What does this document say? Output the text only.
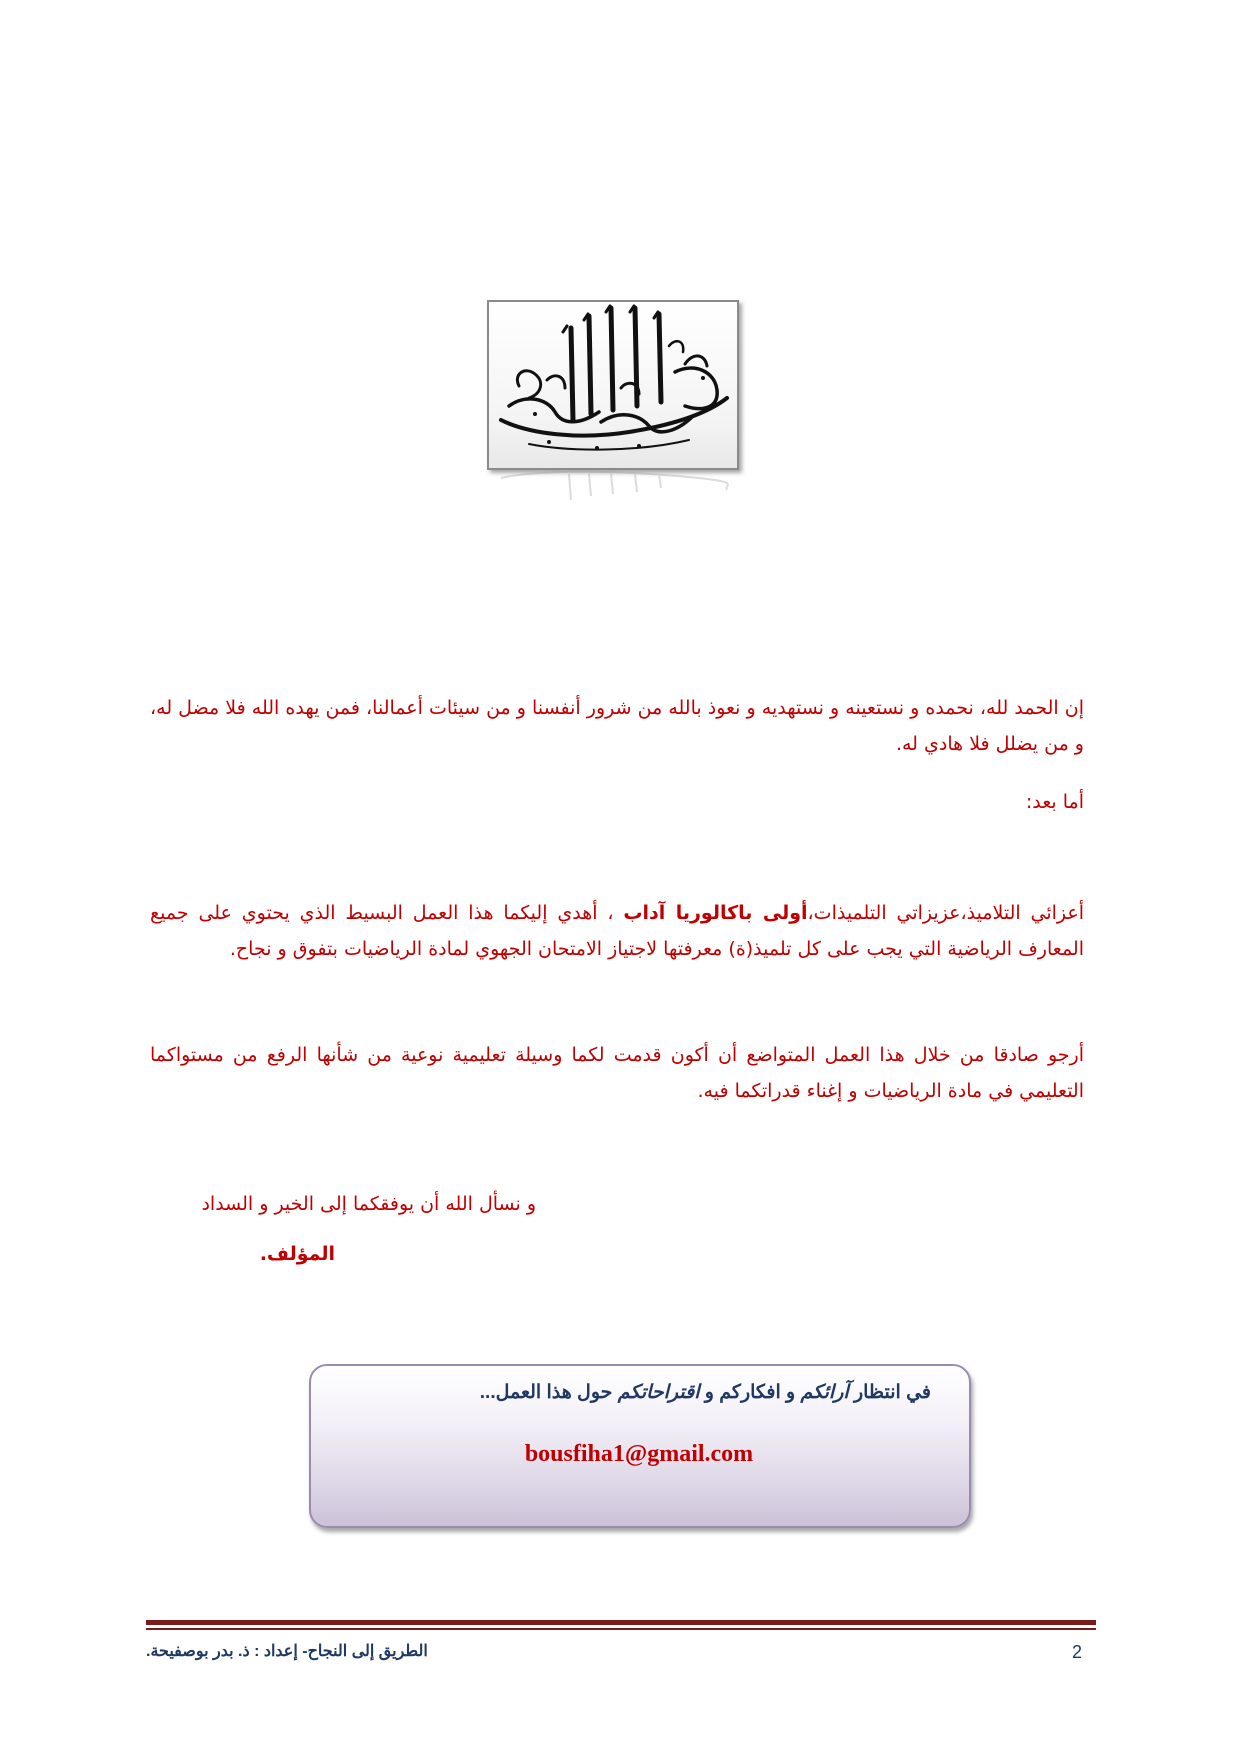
إن الحمد لله، نحمده و نستعينه و نستهديه و نعوذ بالله من شرور أنفسنا و من سيئات أعمالنا، فمن يهده الله فلا مضل له، و من يضلل فلا هادي له.
أما بعد:
أعزائي التلاميذ،عزيزاتي التلميذات،أولى باكالوريا آداب ، أهدي إليكما هذا العمل البسيط الذي يحتوي على جميع المعارف الرياضية التي يجب على كل تلميذ(ة) معرفتها لاجتياز الامتحان الجهوي لمادة الرياضيات بتفوق و نجاح.
أرجو صادقا من خلال هذا العمل المتواضع أن أكون قدمت لكما وسيلة تعليمية نوعية من شأنها الرفع من مستواكما التعليمي في مادة الرياضيات و إغناء قدراتكما فيه.
و نسأل الله أن يوفقكما إلى الخير و السداد
المؤلف.
في انتظار آرائكم و افكاركم و اقتراحاتكم حول هذا العمل...
bousfiha1@gmail.com
الطريق إلى النجاح- إعداد : ذ. بدر بوصفيحة.	2
